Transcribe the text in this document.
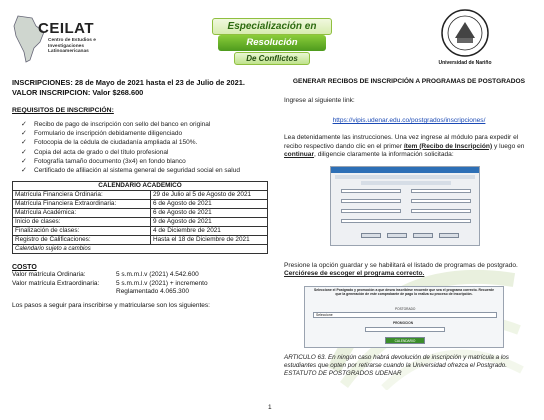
CEILAT
Centro de Estudios e Investigaciones Latinoamericanas
Especialización en
Resolución
De Conflictos	Universidad de Nariño
INSCRIPCIONES: 28 de Mayo de 2021 hasta el 23 de Julio de 2021.
VALOR INSCRIPCION: Valor $268.600
REQUISITOS DE INSCRIPCIÓN:
✓ Recibo de pago de inscripción con sello del banco en original
✓ Formulario de inscripción debidamente diligenciado
✓ Fotocopia de la cédula de ciudadanía ampliada al 150%.
✓ Copia del acta de grado o del título profesional
✓ Fotografía tamaño documento (3x4) en fondo blanco
✓ Certificado de afiliación al sistema general de seguridad social en salud
CALENDARIO ACADEMICO	
Matrícula Financiera Ordinaria:	29 de Julio al 5 de Agosto de 2021
Matrícula Financiera Extraordinaria:	6 de Agosto de 2021
Matrícula Académica:	6 de Agosto de 2021
Inicio de clases:	9 de Agosto de 2021
Finalización de clases:	4 de Diciembre de 2021
Registro de Calificaciones:	Hasta el 18 de Diciembre de 2021
Calendario sujeto a cambios	
COSTO
Valor matrícula Ordinaria:	5 s.m.m.l.v (2021) 4.542.600
Valor matrícula Extraordinaria:	5 s.m.m.l.v (2021) + incremento
Reglamentado 4.065.300
Los pasos a seguir para inscribirse y matricularse son los siguientes:
GENERAR RECIBOS DE INSCRIPCIÓN A PROGRAMAS DE POSTGRADOS
Ingrese al siguiente link:
https://vipis.udenar.edu.co/postgrados/inscripciones/
Lea detenidamente las instrucciones. Una vez ingrese al módulo para expedir el recibo respectivo dando clic en el primer ítem (Recibo de Inscripción) y luego en continuar, diligencie claramente la información solicitada:
Presione la opción guardar y se habilitará el listado de programas de postgrado. Cerciórese de escoger el programa correcto.
Seleccione el Postgrado y promoción a que desea inscribirse recuerde que sea el programa correcto. Recuerde que la generación de este comprobante de pago lo realiza su proceso de inscripción.
POSTGRADO
Seleccione
PROMOCION
CALENDARIO
ARTICULO 63. En ningún caso habrá devolución de inscripción y matrícula a los estudiantes que opten por retirarse cuando la Universidad ofrezca el Postgrado. ESTATUTO DE POSTGRADOS UDENAR
1
